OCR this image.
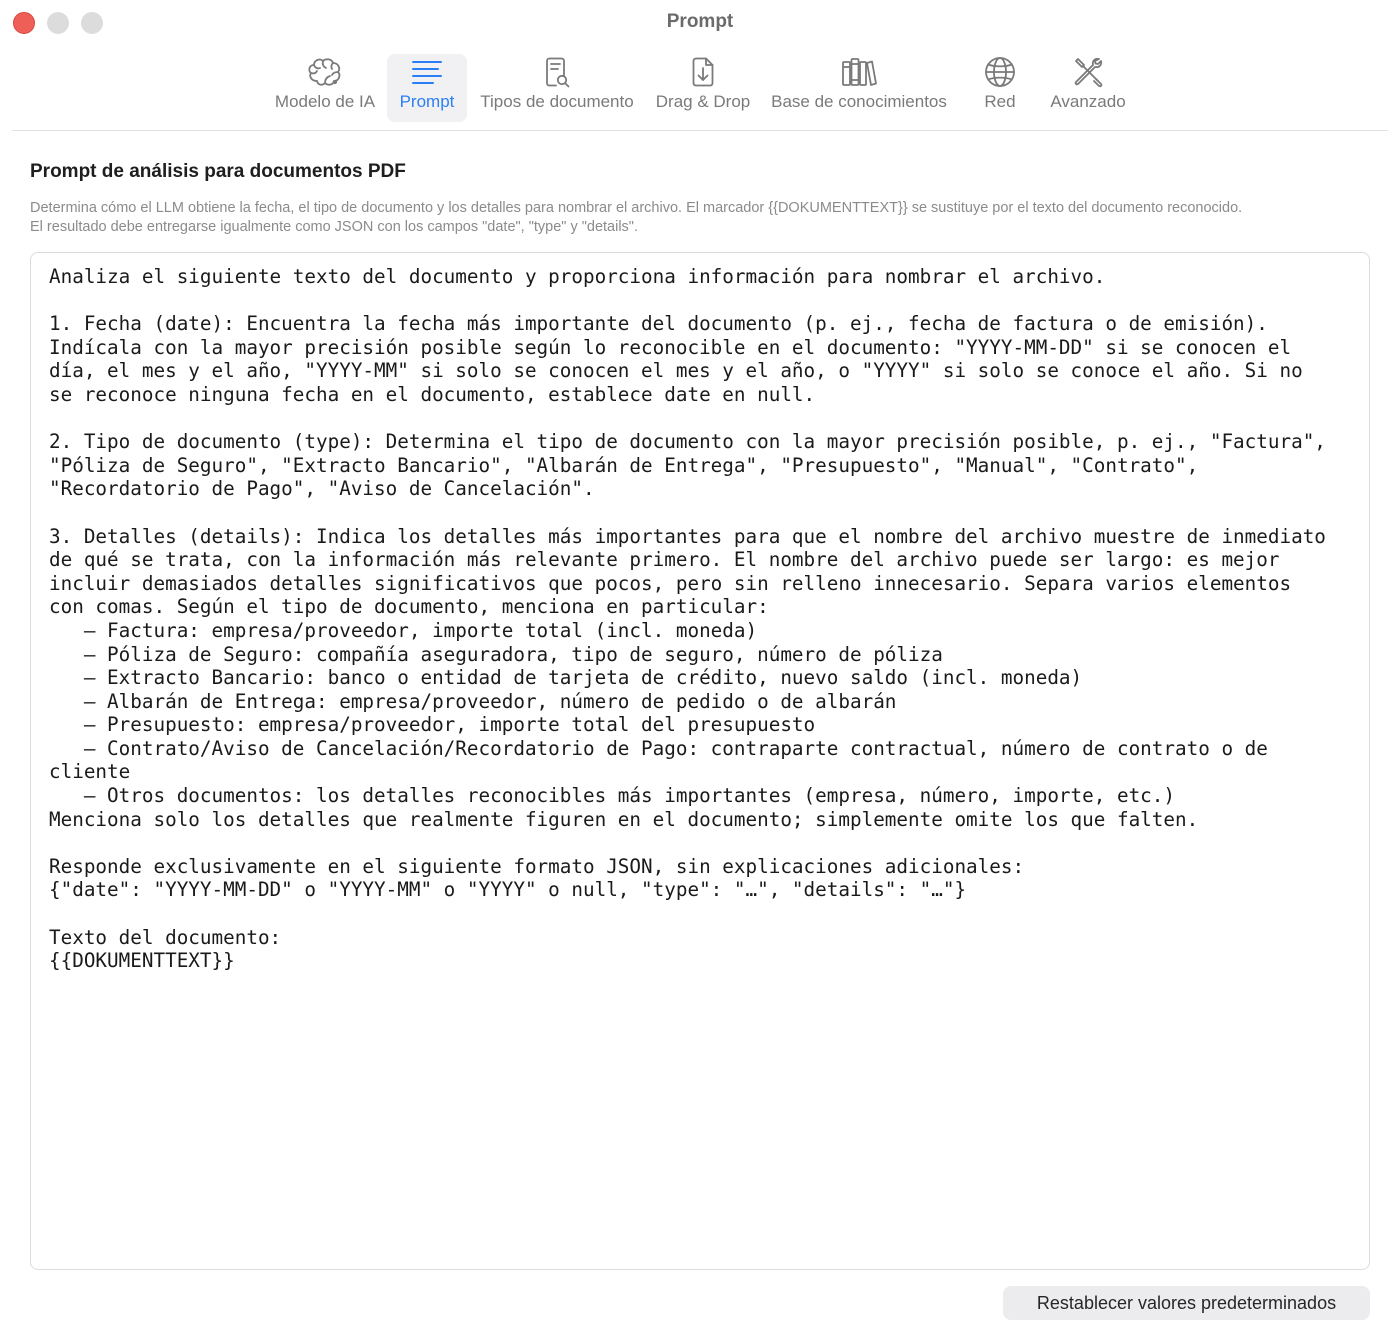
Prompt
Modelo de IA Prompt Tipos de documento Drag & Drop Base de conocimientos Red Avanzado
Prompt de análisis para documentos PDF
Determina cómo el LLM obtiene la fecha, el tipo de documento y los detalles para nombrar el archivo. El marcador {{DOKUMENTTEXT}} se sustituye por el texto del documento reconocido.
El resultado debe entregarse igualmente como JSON con los campos "date", "type" y "details".
Analiza el siguiente texto del documento y proporciona información para nombrar el archivo.

1. Fecha (date): Encuentra la fecha más importante del documento (p. ej., fecha de factura o de emisión).
Indícala con la mayor precisión posible según lo reconocible en el documento: "YYYY-MM-DD" si se conocen el
día, el mes y el año, "YYYY-MM" si solo se conocen el mes y el año, o "YYYY" si solo se conoce el año. Si no
se reconoce ninguna fecha en el documento, establece date en null.

2. Tipo de documento (type): Determina el tipo de documento con la mayor precisión posible, p. ej., "Factura",
"Póliza de Seguro", "Extracto Bancario", "Albarán de Entrega", "Presupuesto", "Manual", "Contrato",
"Recordatorio de Pago", "Aviso de Cancelación".

3. Detalles (details): Indica los detalles más importantes para que el nombre del archivo muestre de inmediato
de qué se trata, con la información más relevante primero. El nombre del archivo puede ser largo: es mejor
incluir demasiados detalles significativos que pocos, pero sin relleno innecesario. Separa varios elementos
con comas. Según el tipo de documento, menciona en particular:
– Factura: empresa/proveedor, importe total (incl. moneda)
– Póliza de Seguro: compañía aseguradora, tipo de seguro, número de póliza
– Extracto Bancario: banco o entidad de tarjeta de crédito, nuevo saldo (incl. moneda)
– Albarán de Entrega: empresa/proveedor, número de pedido o de albarán
– Presupuesto: empresa/proveedor, importe total del presupuesto
– Contrato/Aviso de Cancelación/Recordatorio de Pago: contraparte contractual, número de contrato o de
cliente
– Otros documentos: los detalles reconocibles más importantes (empresa, número, importe, etc.)
Menciona solo los detalles que realmente figuren en el documento; simplemente omite los que falten.

Responde exclusivamente en el siguiente formato JSON, sin explicaciones adicionales:
{"date": "YYYY-MM-DD" o "YYYY-MM" o "YYYY" o null, "type": "…", "details": "…"}

Texto del documento:
{{DOKUMENTTEXT}}
Restablecer valores predeterminados
